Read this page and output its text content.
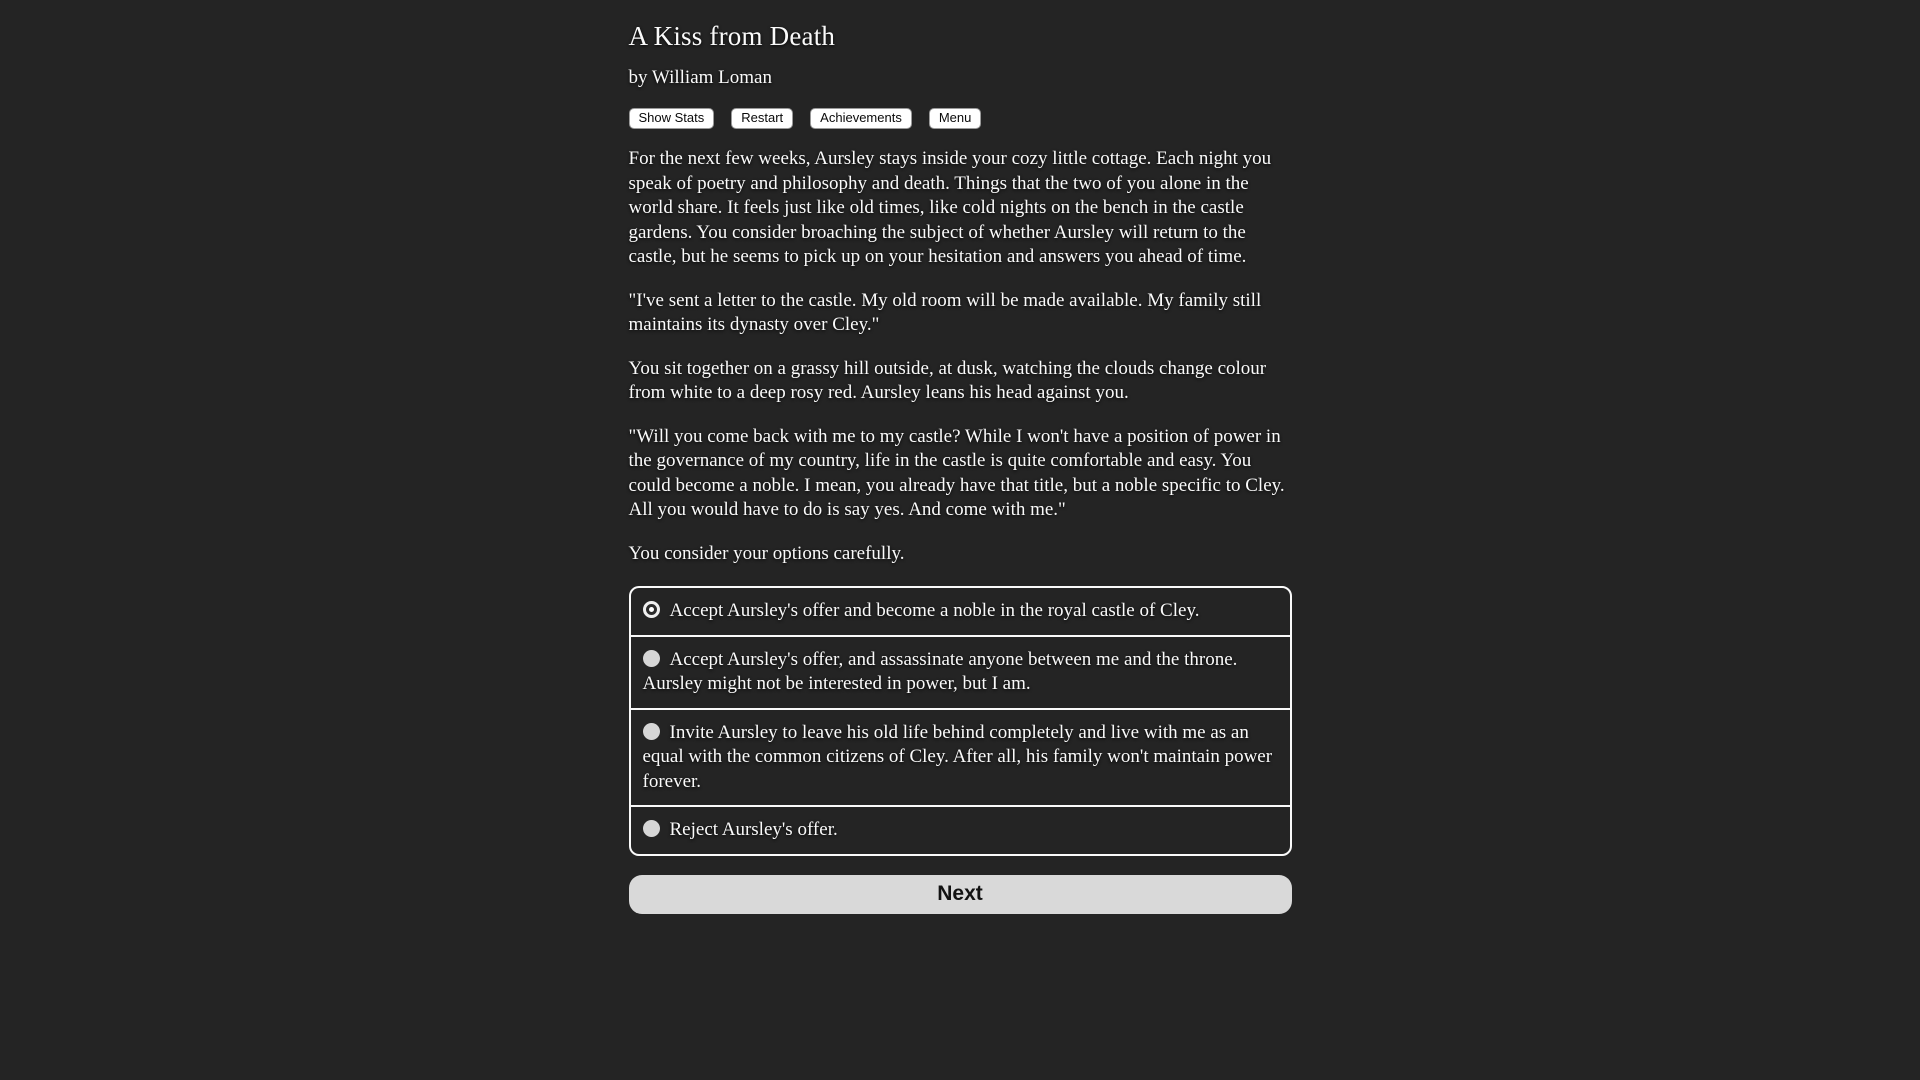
A Kiss from Death
by William Loman
Show Stats	Restart	Achievements	Menu

For the next few weeks, Aursley stays inside your cozy little cottage. Each night you speak of poetry and philosophy and death. Things that the two of you alone in the world share. It feels just like old times, like cold nights on the bench in the castle gardens. You consider broaching the subject of whether Aursley will return to the castle, but he seems to pick up on your hesitation and answers you ahead of time.

"I've sent a letter to the castle. My old room will be made available. My family still maintains its dynasty over Cley."

You sit together on a grassy hill outside, at dusk, watching the clouds change colour from white to a deep rosy red. Aursley leans his head against you.

"Will you come back with me to my castle? While I won't have a position of power in the governance of my country, life in the castle is quite comfortable and easy. You could become a noble. I mean, you already have that title, but a noble specific to Cley. All you would have to do is say yes. And come with me."

You consider your options carefully.

Accept Aursley's offer and become a noble in the royal castle of Cley.
Accept Aursley's offer, and assassinate anyone between me and the throne. Aursley might not be interested in power, but I am.
Invite Aursley to leave his old life behind completely and live with me as an equal with the common citizens of Cley. After all, his family won't maintain power forever.
Reject Aursley's offer.
Next
